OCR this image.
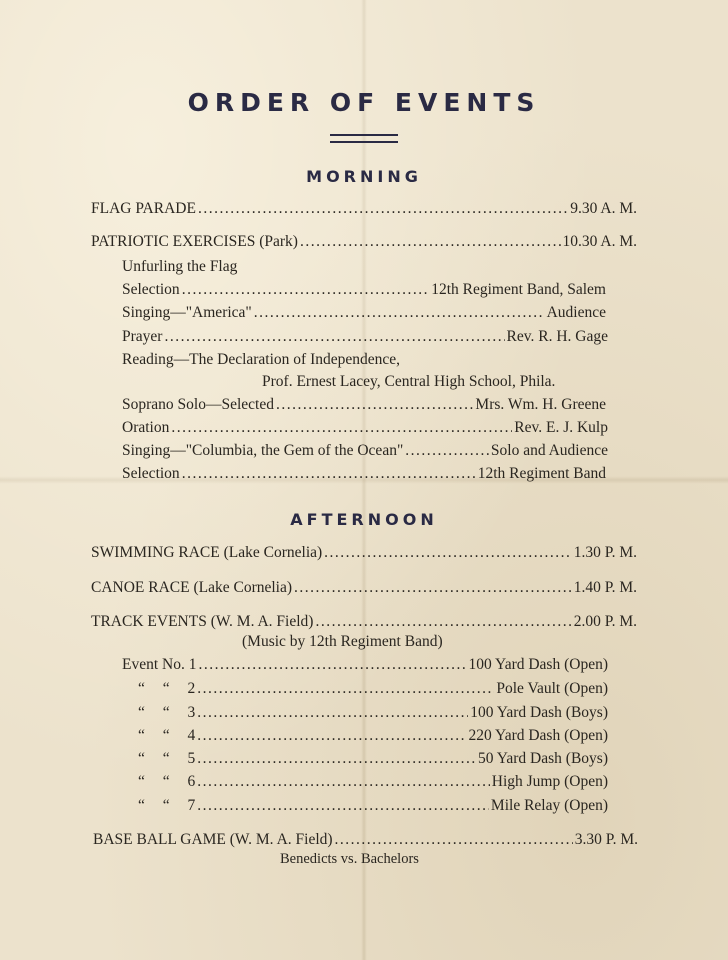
ORDER OF EVENTS
MORNING
FLAG PARADE .....	9.30 A. M.
PATRIOTIC EXERCISES (Park) .....	10.30 A. M.
Unfurling the Flag
Selection .....	12th Regiment Band, Salem
Singing—"America" .....	Audience
Prayer .....	Rev. R. H. Gage
Reading—The Declaration of Independence,
Prof. Ernest Lacey, Central High School, Phila.
Soprano Solo—Selected .....	Mrs. Wm. H. Greene
Oration .....	Rev. E. J. Kulp
Singing—"Columbia, the Gem of the Ocean" .....	Solo and Audience
Selection .....	12th Regiment Band
AFTERNOON
SWIMMING RACE (Lake Cornelia) .....	1.30 P. M.
CANOE RACE (Lake Cornelia) .....	1.40 P. M.
TRACK EVENTS (W. M. A. Field) .....	2.00 P. M.
(Music by 12th Regiment Band)
Event No. 1 .....	100 Yard Dash (Open)
“ “ 2 .....	Pole Vault (Open)
“ “ 3 .....	100 Yard Dash (Boys)
“ “ 4 .....	220 Yard Dash (Open)
“ “ 5 .....	50 Yard Dash (Boys)
“ “ 6 .....	High Jump (Open)
“ “ 7 .....	Mile Relay (Open)
BASE BALL GAME (W. M. A. Field) .....	3.30 P. M.
Benedicts vs. Bachelors
